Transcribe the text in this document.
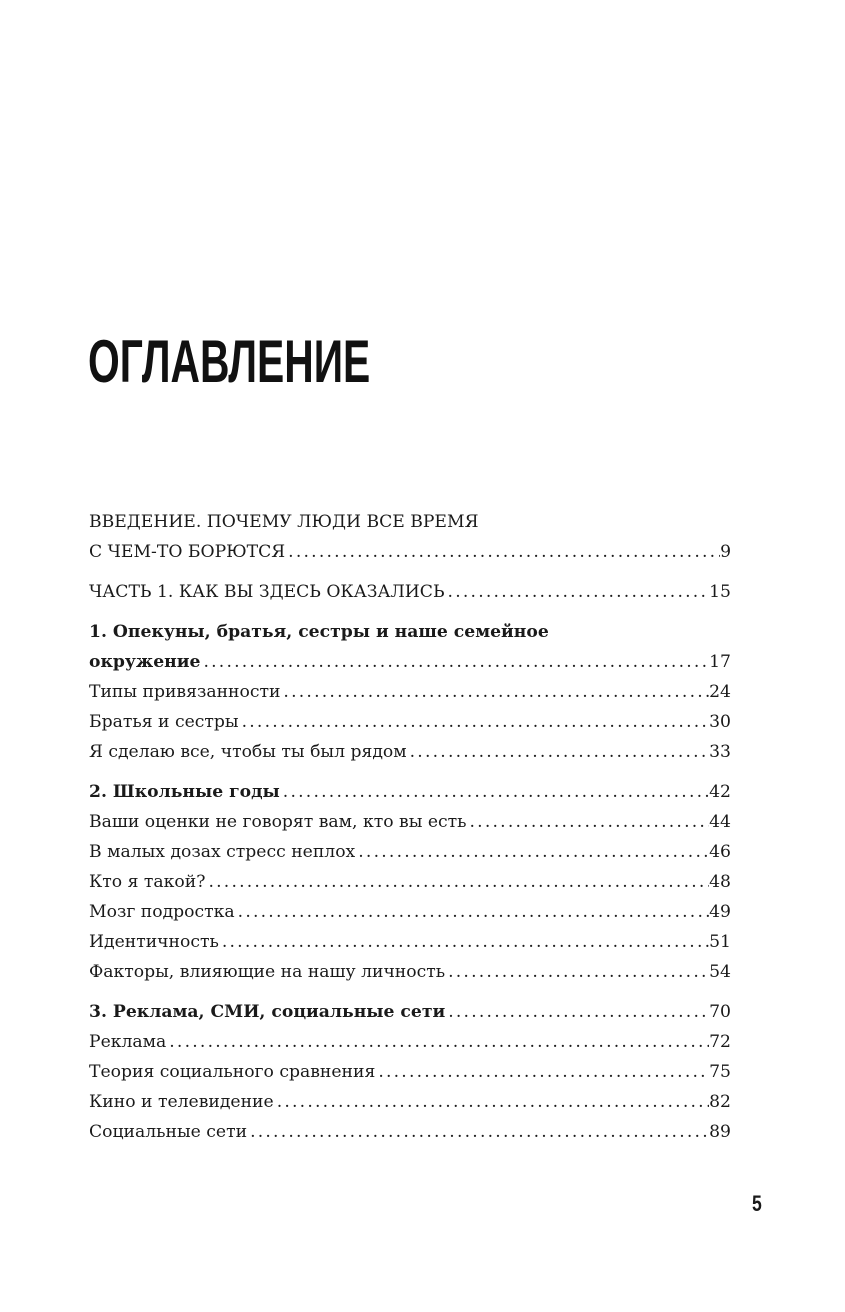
ОГЛАВЛЕНИЕ
ВВЕДЕНИЕ. ПОЧЕМУ ЛЮДИ ВСЕ ВРЕМЯ
С ЧЕМ-ТО БОРЮТСЯ .....	9
ЧАСТЬ 1. КАК ВЫ ЗДЕСЬ ОКАЗАЛИСЬ .....	15
1. Опекуны, братья, сестры и наше семейное
окружение .....	17
Типы привязанности .....	24
Братья и сестры .....	30
Я сделаю все, чтобы ты был рядом .....	33
2. Школьные годы .....	42
Ваши оценки не говорят вам, кто вы есть .....	44
В малых дозах стресс неплох .....	46
Кто я такой? .....	48
Мозг подростка .....	49
Идентичность .....	51
Факторы, влияющие на нашу личность .....	54
3. Реклама, СМИ, социальные сети .....	70
Реклама .....	72
Теория социального сравнения .....	75
Кино и телевидение .....	82
Социальные сети .....	89
5
